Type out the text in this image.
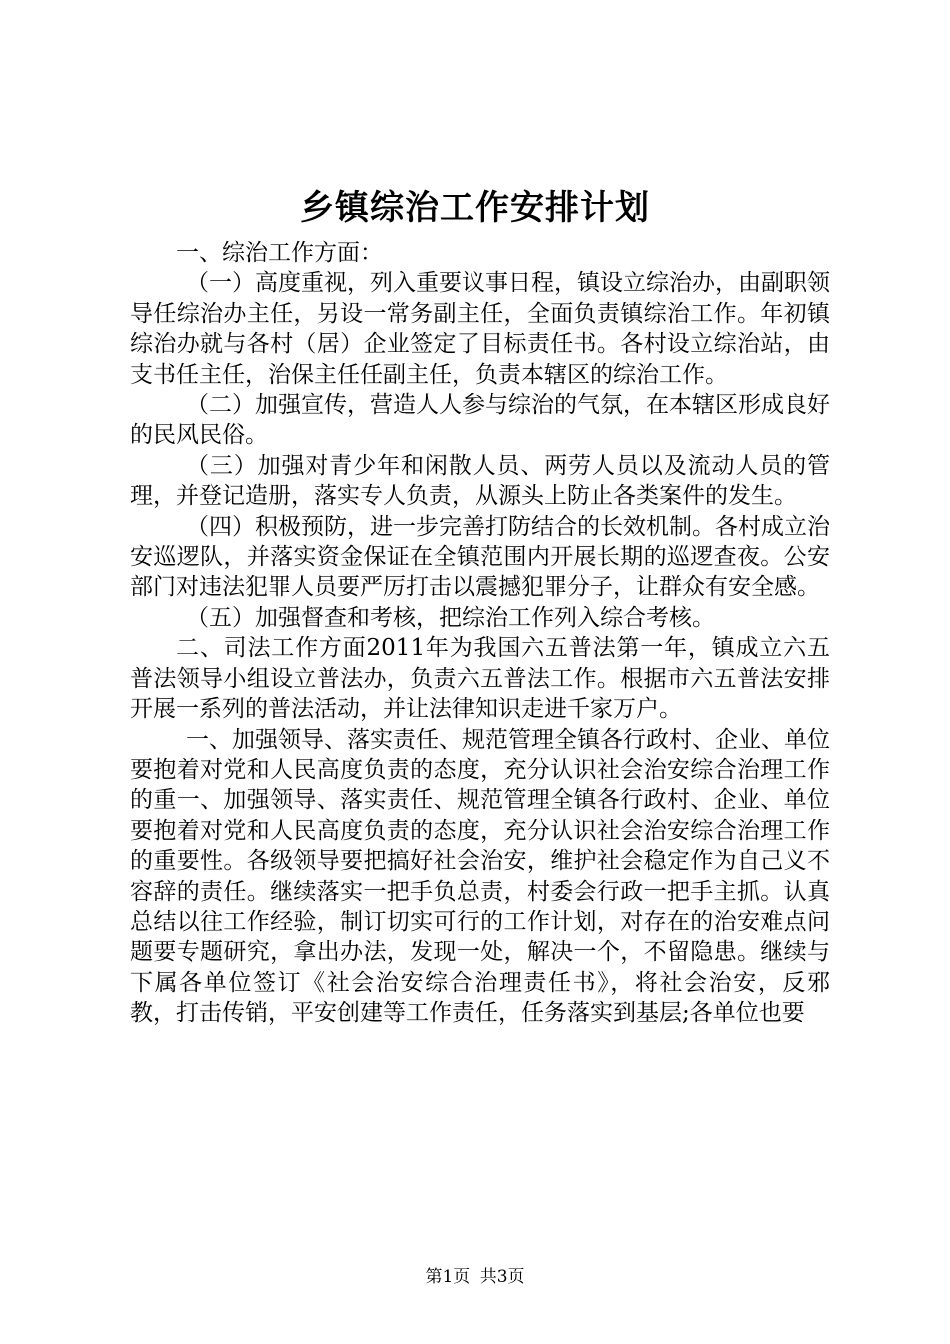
乡镇综治工作安排计划

一、综治工作方面：

（一）高度重视，列入重要议事日程，镇设立综治办，由副职领导任综治办主任，另设一常务副主任，全面负责镇综治工作。年初镇综治办就与各村（居）企业签定了目标责任书。各村设立综治站，由支书任主任，治保主任任副主任，负责本辖区的综治工作。

（二）加强宣传，营造人人参与综治的气氛，在本辖区形成良好的民风民俗。

（三）加强对青少年和闲散人员、两劳人员以及流动人员的管理，并登记造册，落实专人负责，从源头上防止各类案件的发生。

（四）积极预防，进一步完善打防结合的长效机制。各村成立治安巡逻队，并落实资金保证在全镇范围内开展长期的巡逻查夜。公安部门对违法犯罪人员要严厉打击以震撼犯罪分子，让群众有安全感。

（五）加强督查和考核，把综治工作列入综合考核。

二、司法工作方面2011年为我国六五普法第一年，镇成立六五普法领导小组设立普法办，负责六五普法工作。根据市六五普法安排开展一系列的普法活动，并让法律知识走进千家万户。

一、加强领导、落实责任、规范管理全镇各行政村、企业、单位要抱着对党和人民高度负责的态度，充分认识社会治安综合治理工作的重一、加强领导、落实责任、规范管理全镇各行政村、企业、单位要抱着对党和人民高度负责的态度，充分认识社会治安综合治理工作的重要性。各级领导要把搞好社会治安，维护社会稳定作为自己义不容辞的责任。继续落实一把手负总责，村委会行政一把手主抓。认真总结以往工作经验，制订切实可行的工作计划，对存在的治安难点问题要专题研究，拿出办法，发现一处，解决一个，不留隐患。继续与下属各单位签订《社会治安综合治理责任书》，将社会治安，反邪教，打击传销，平安创建等工作责任，任务落实到基层;各单位也要

第1页 共3页
